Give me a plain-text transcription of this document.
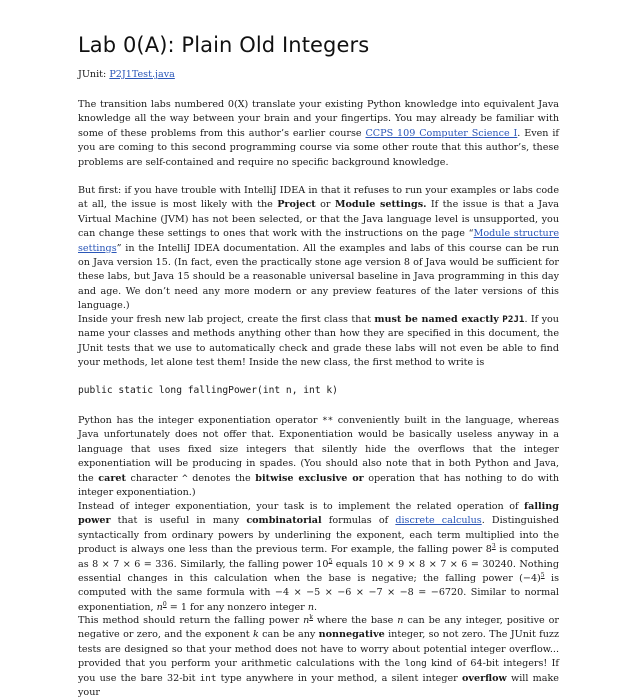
Lab 0(A): Plain Old Integers
JUnit: P2J1Test.java

The transition labs numbered 0(X) translate your existing Python knowledge into equivalent Java knowledge all the way between your brain and your fingertips. You may already be familiar with some of these problems from this author’s earlier course CCPS 109 Computer Science I. Even if you are coming to this second programming course via some other route that this author’s, these problems are self-contained and require no specific background knowledge.

But first: if you have trouble with IntelliJ IDEA in that it refuses to run your examples or labs code at all, the issue is most likely with the Project or Module settings. If the issue is that a Java Virtual Machine (JVM) has not been selected, or that the Java language level is unsupported, you can change these settings to ones that work with the instructions on the page “Module structure settings” in the IntelliJ IDEA documentation. All the examples and labs of this course can be run on Java version 15. (In fact, even the practically stone age version 8 of Java would be sufficient for these labs, but Java 15 should be a reasonable universal baseline in Java programming in this day and age. We don’t need any more modern or any preview features of the later versions of this language.)

Inside your fresh new lab project, create the first class that must be named exactly P2J1. If you name your classes and methods anything other than how they are specified in this document, the JUnit tests that we use to automatically check and grade these labs will not even be able to find your methods, let alone test them! Inside the new class, the first method to write is

public static long fallingPower(int n, int k)

Python has the integer exponentiation operator ** conveniently built in the language, whereas Java unfortunately does not offer that. Exponentiation would be basically useless anyway in a language that uses fixed size integers that silently hide the overflows that the integer exponentiation will be producing in spades. (You should also note that in both Python and Java, the caret character ^ denotes the bitwise exclusive or operation that has nothing to do with integer exponentiation.)

Instead of integer exponentiation, your task is to implement the related operation of falling power that is useful in many combinatorial formulas of discrete calculus. Distinguished syntactically from ordinary powers by underlining the exponent, each term multiplied into the product is always one less than the previous term. For example, the falling power $8^3$ is computed as 8 × 7 × 6 = 336. Similarly, the falling power $10^5$ equals 10 × 9 × 8 × 7 × 6 = 30240. Nothing essential changes in this calculation when the base is negative; the falling power $(-4)^5$ is computed with the same formula with −4 × −5 × −6 × −7 × −8 = −6720. Similar to normal exponentiation, $n^0 = 1$ for any nonzero integer n.

This method should return the falling power $n^k$ where the base n can be any integer, positive or negative or zero, and the exponent k can be any nonnegative integer, so not zero. The JUnit fuzz tests are designed so that your method does not have to worry about potential integer overflow... provided that you perform your arithmetic calculations with the long kind of 64-bit integers! If you use the bare 32-bit int type anywhere in your method, a silent integer overflow will make your
